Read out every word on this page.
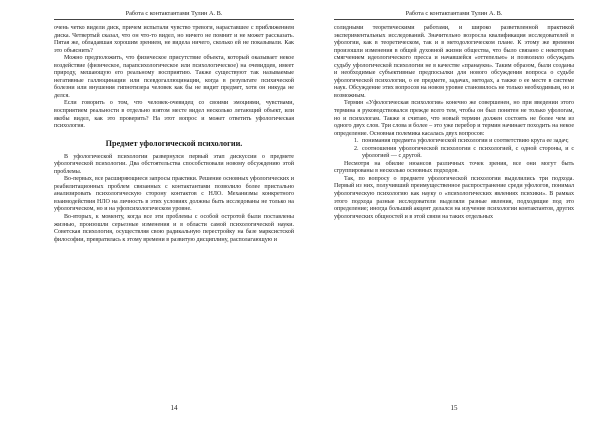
Работа с контактантами Тулин А. В.

очень четко видели диск, причем испытали чувство тревоги, нараставшее с приближением диска. Четвертый сказал, что он что-то видел, но ничего не помнит и не может рассказать. Пятая же, обладавшая хорошим зрением, не видела ничего, сколько ей не показывали. Как это объяснить?

Можно предположить, что физическое присутствие объекта, который оказывает некое воздействие (физическое, парапсихологическое или психологическое) на очевидцев, имеет природу, мешающую его реальному восприятию. Также существуют так называемые негативные галлюцинации или псевдогаллюцинации, когда в результате психической болезни или внушения гипнотизера человек как бы не видит предмет, хотя он никуда не делся.

Если говорить о том, что человек-очевидец со своими эмоциями, чувствами, восприятием реальности в отдельно взятом месте видел несколько летающий объект, или якобы видел, как это проверить? На этот вопрос и может ответить уфологическая психология.

Предмет уфологической психологии.

В уфологической психологии развернулся первый этап дискуссии о предмете уфологической психологии. Два обстоятельства способствовали новому обсуждению этой проблемы.

Во-первых, все расширяющиеся запросы практики. Решение основных уфологических и реабилитационных проблем связанных с контактантами позволило более пристально анализировать психологическую сторону контактов с НЛО. Механизмы конкретного взаимодействия НЛО на личность в этих условиях должны быть исследованы не только на уфологическом, но и на уфопсихологическом уровне.

Во-вторых, к моменту, когда все эти проблемы с особой остротой были поставлены жизнью, произошли серьезные изменения и в области самой психологической науки. Советская психология, осуществляя свою радикальную перестройку на базе марксистской философии, превратилась к этому времени в развитую дисциплину, располагающую и

14
Работа с контактантами Тулин А. В.

солидными теоретическими работами, и широко разветвленной практикой экспериментальных исследований. Значительно возросла квалификация исследователей в уфологии, как в теоретическом, так и в методологическом плане. К этому же времени произошли изменения в общей духовной жизни общества, что было связано с некоторым смягчением идеологического пресса и начавшейся «оттепелью» и позволило обсуждать судьбу уфологической психологии не в качестве «пранаукм». Таким образом, были созданы и необходимые субъективные предпосылки для нового обсуждения вопроса о судьбе уфологической психологии, о ее предмете, задачах, методах, а также о ее месте в системе наук. Обсуждение этих вопросов на новом уровне становилось не только необходимым, но и возможным.

Термин «Уфологическая психология» конечно же совершенен, но при введении этого термина я руководствовался прежде всего тем, чтобы он был понятен не только уфологам, но и психологам. Также я считаю, что новый термин должен состоять не более чем из одного двух слов. Три слова и более – это уже перебор и термин начинает походить на некое определение. Основная полемика касалась двух вопросов:

1. понимания предмета уфологической психологии и соответствию круга ее задач;
2. соотношения уфологической психологии с психологией, с одной стороны, и с уфологией — с другой.

Несмотря на обилие нюансов различных точек зрения, все они могут быть сгруппированы в несколько основных подходов.

Так, по вопросу о предмете уфологической психологии выделились три подхода. Первый из них, получивший преимущественное распространение среди уфологов, понимал уфологическую психологию как науку о «психологических явлениях психики». В рамках этого подхода разные исследователи выделяли разные явления, подходящие под это определение; иногда больший акцент делался на изучение психологии контактантов, других уфологических общностей и в этой связи на таких отдельных

15
